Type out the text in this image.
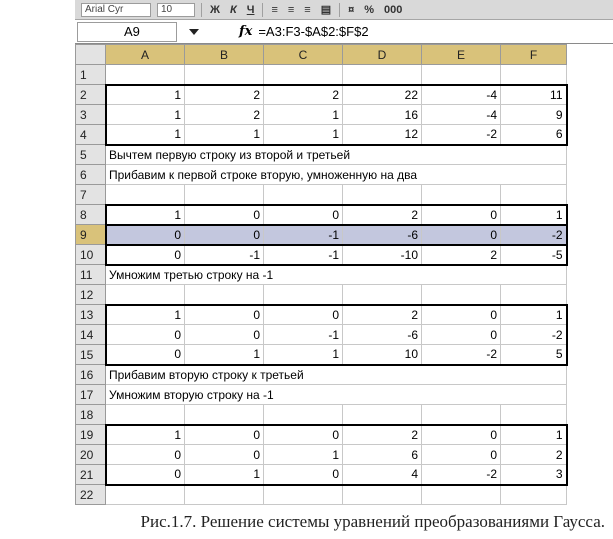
Arial Cyr	10	Ж К Ч ≡ ≡ ≡ ▤ ¤ % 000
A9	fx =A3:F3-$A$2:$F$2
	A	B	C	D	E	F
1						
2	1	2	2	22	-4	11
3	1	2	1	16	-4	9
4	1	1	1	12	-2	6
5	Вычтем первую строку из второй и третьей					
6	Прибавим к первой строке вторую, умноженную на два					
7						
8	1	0	0	2	0	1
9	0	0	-1	-6	0	-2
10	0	-1	-1	-10	2	-5
11	Умножим третью строку на -1					
12						
13	1	0	0	2	0	1
14	0	0	-1	-6	0	-2
15	0	1	1	10	-2	5
16	Прибавим вторую строку к третьей					
17	Умножим вторую строку на -1					
18						
19	1	0	0	2	0	1
20	0	0	1	6	0	2
21	0	1	0	4	-2	3
22						
Рис.1.7. Решение системы уравнений преобразованиями Гаусса.
